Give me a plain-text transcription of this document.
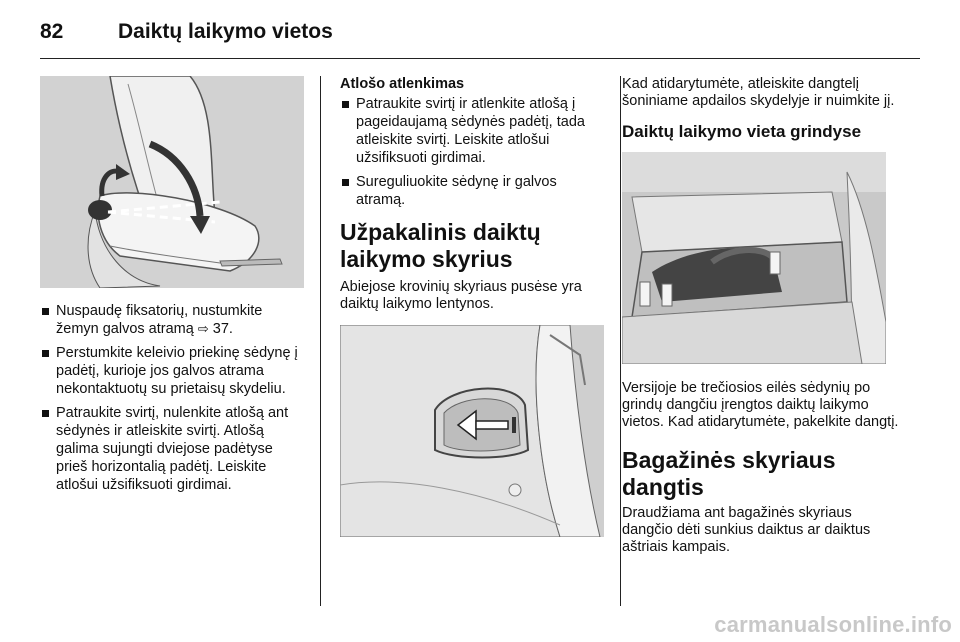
82	Daiktų laikymo vietos
Nuspaudę fiksatorių, nustumkite žemyn galvos atramą ⇨ 37.
Perstumkite keleivio priekinę sėdynę į padėtį, kurioje jos galvos atrama nekontaktuotų su prietaisų skydeliu.
Patraukite svirtį, nulenkite atlošą ant sėdynės ir atleiskite svirtį. Atlošą galima sujungti dviejose padėtyse prieš horizontalią padėtį. Leiskite atlošui užsifiksuoti girdimai.

Atlošo atlenkimas

Patraukite svirtį ir atlenkite atlošą į pageidaujamą sėdynės padėtį, tada atleiskite svirtį. Leiskite atlošui užsifiksuoti girdimai.
Sureguliuokite sėdynę ir galvos atramą.
Užpakalinis daiktų laikymo skyrius

Abiejose krovinių skyriaus pusėse yra daiktų laikymo lentynos.

Kad atidarytumėte, atleiskite dangtelį šoniniame apdailos skydelyje ir nuimkite jį.

Daiktų laikymo vieta grindyse

Versijoje be trečiosios eilės sėdynių po grindų dangčiu įrengtos daiktų laikymo vietos. Kad atidarytumėte, pakelkite dangtį.

Bagažinės skyriaus dangtis

Draudžiama ant bagažinės skyriaus dangčio dėti sunkius daiktus ar daiktus aštriais kampais.

carmanualsonline.info
